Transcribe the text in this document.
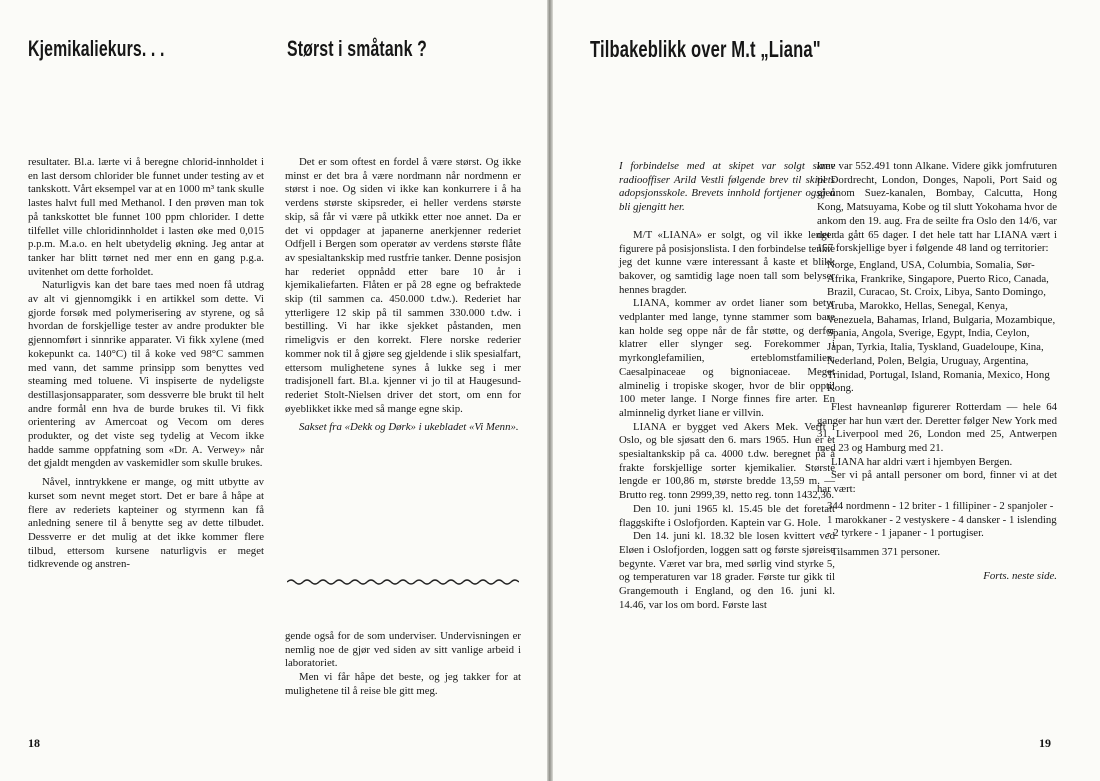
Kjemikaliekurs. . .	Størst i småtank ?

resultater. Bl.a. lærte vi å beregne chlorid-innholdet i en last dersom chlorider ble funnet under testing av et tankskott. Vårt eksempel var at en 1000 m³ tank skulle lastes halvt full med Methanol. I den prøven man tok på tankskottet ble funnet 100 ppm chlorider. I dette tilfellet ville chloridinnholdet i lasten øke med 0,015 p.p.m. M.a.o. en helt ubetydelig økning. Jeg antar at tanker har blitt tørnet ned mer enn en gang p.g.a. uvitenhet om dette forholdet.

Naturligvis kan det bare taes med noen få utdrag av alt vi gjennomgikk i en artikkel som dette. Vi gjorde forsøk med polymerisering av styrene, og så hvordan de forskjellige tester av andre produkter ble gjennomført i sinnrike apparater. Vi fikk xylene (med kokepunkt ca. 140°C) til å koke ved 98°C sammen med vann, det samme prinsipp som benyttes ved steaming med toluene. Vi inspiserte de nydeligste destillasjonsapparater, som dessverre ble brukt til helt andre formål enn hva de burde brukes til. Vi fikk orientering av Amercoat og Vecom om deres produkter, og det viste seg tydelig at Vecom ikke hadde samme oppfatning som «Dr. A. Verwey» når det gjaldt mengden av vaskemidler som skulle brukes.

Nåvel, inntrykkene er mange, og mitt utbytte av kurset som nevnt meget stort. Det er bare å håpe at flere av rederiets kapteiner og styrmenn kan få anledning senere til å benytte seg av dette tilbudet. Dessverre er det mulig at det ikke kommer flere tilbud, ettersom kursene naturligvis er meget tidkrevende og anstren-

Det er som oftest en fordel å være størst. Og ikke minst er det bra å være nordmann når nordmenn er størst i noe. Og siden vi ikke kan konkurrere i å ha verdens største skipsreder, ei heller verdens største skip, så får vi være på utkikk etter noe annet. Da er det vi oppdager at japanerne anerkjenner rederiet Odfjell i Bergen som operatør av verdens største flåte av spesialtankskip med rustfrie tanker. Denne posisjon har rederiet oppnådd etter bare 10 år i kjemikaliefarten. Flåten er på 28 egne og befraktede skip (til sammen ca. 450.000 t.dw.). Rederiet har ytterligere 12 skip på til sammen 330.000 t.dw. i bestilling. Vi har ikke sjekket påstanden, men rimeligvis er den korrekt. Flere norske rederier kommer nok til å gjøre seg gjeldende i slik spesialfart, ettersom mulighetene synes å lukke seg i mer tradisjonell fart. Bl.a. kjenner vi jo til at Haugesund-rederiet Stolt-Nielsen driver det stort, om enn for øyeblikket ikke med så mange egne skip.

Sakset fra «Dekk og Dørk» i ukebladet «Vi Menn».

gende også for de som underviser. Undervisningen er nemlig noe de gjør ved siden av sitt vanlige arbeid i laboratoriet.

Men vi får håpe det beste, og jeg takker for at mulighetene til å reise ble gitt meg.

18
Tilbakeblikk over M.t „Liana"

I forbindelse med at skipet var solgt skrev radiooffiser Arild Vestli følgende brev til skipets adopsjonsskole. Brevets innhold fortjener også å bli gjengitt her.

M/T «LIANA» er solgt, og vil ikke lenger figurere på posisjonslista. I den forbindelse tenkte jeg det kunne være interessant å kaste et blikk bakover, og samtidig lage noen tall som belyser hennes bragder.

LIANA, kommer av ordet lianer som betyr vedplanter med lange, tynne stammer som bare kan holde seg oppe når de får støtte, og derfor klatrer eller slynger seg. Forekommer i myrkonglefamilien, erteblomstfamilien, Caesalpinaceae og bignoniaceae. Meget alminelig i tropiske skoger, hvor de blir opptil 100 meter lange. I Norge finnes fire arter. En alminnelig dyrket liane er villvin.

LIANA er bygget ved Akers Mek. Verft i Oslo, og ble sjøsatt den 6. mars 1965. Hun er et spesialtankskip på ca. 4000 t.dw. beregnet på å frakte forskjellige sorter kjemikalier. Største lengde er 100,86 m, største bredde 13,59 m. — Brutto reg. tonn 2999,39, netto reg. tonn 1432,36.

Den 10. juni 1965 kl. 15.45 ble det foretatt flaggskifte i Oslofjorden. Kaptein var G. Hole.

Den 14. juni kl. 18.32 ble losen kvittert ved Eløen i Oslofjorden, loggen satt og første sjøreise begynte. Været var bra, med sørlig vind styrke 5, og temperaturen var 18 grader. Første tur gikk til Grangemouth i England, og den 16. juni kl. 14.46, var los om bord. Første last

inne var 552.491 tonn Alkane. Videre gikk jomfruturen til Dordrecht, London, Donges, Napoli, Port Said og gjennom Suez-kanalen, Bombay, Calcutta, Hong Kong, Matsuyama, Kobe og til slutt Yokohama hvor de ankom den 19. aug. Fra de seilte fra Oslo den 14/6, var det da gått 65 dager. I det hele tatt har LIANA vært i 157 forskjellige byer i følgende 48 land og territorier:

Norge, England, USA, Columbia, Somalia, Sør-Afrika, Frankrike, Singapore, Puerto Rico, Canada, Brazil, Curacao, St. Croix, Libya, Santo Domingo, Aruba, Marokko, Hellas, Senegal, Kenya, Venezuela, Bahamas, Irland, Bulgaria, Mozambique, Spania, Angola, Sverige, Egypt, India, Ceylon, Japan, Tyrkia, Italia, Tyskland, Guadeloupe, Kina, Nederland, Polen, Belgia, Uruguay, Argentina, Trinidad, Portugal, Island, Romania, Mexico, Hong Kong.

Flest havneanløp figurerer Rotterdam — hele 64 ganger har hun vært der. Deretter følger New York med 31, Liverpool med 26, London med 25, Antwerpen med 23 og Hamburg med 21.

LIANA har aldri vært i hjembyen Bergen.

Ser vi på antall personer om bord, finner vi at det har vært:

344 nordmenn - 12 briter - 1 fillipiner - 2 spanjoler - 1 marokkaner - 2 vestyskere - 4 dansker - 1 islending - 2 tyrkere - 1 japaner - 1 portugiser.

Tilsammen 371 personer.

Forts. neste side.

19
